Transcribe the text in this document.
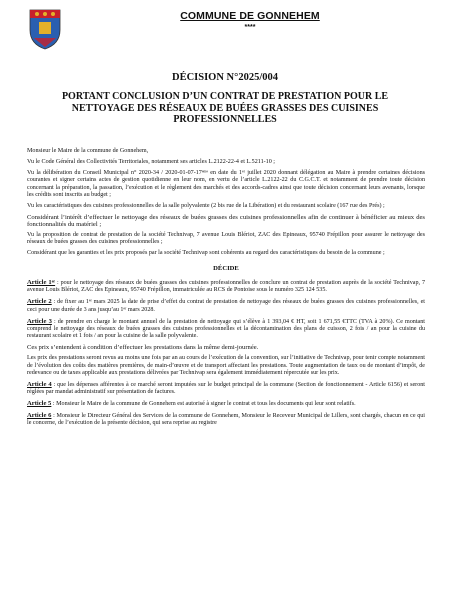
COMMUNE DE GONNEHEM
****
DÉCISION N°2025/004
PORTANT CONCLUSION D’UN CONTRAT DE PRESTATION POUR LE NETTOYAGE DES RÉSEAUX DE BUÉES GRASSES DES CUISINES PROFESSIONNELLES

Monsieur le Maire de la commune de Gonnehem,

Vu le Code Général des Collectivités Territoriales, notamment ses articles L.2122-22-4 et L.5211-10 ;

Vu la délibération du Conseil Municipal n° 2020-34 / 2020-01-07-17ᵉᵐᵉ en date du 1ᵉʳ juillet 2020 donnant délégation au Maire à prendre certaines décisions courantes et signer certains actes de gestion quotidienne en leur nom, en vertu de l’article L.2122-22 du C.G.C.T. et notamment de prendre toute décision concernant la préparation, la passation, l’exécution et le règlement des marchés et des accords-cadres ainsi que toute décision concernant leurs avenants, lorsque les crédits sont inscrits au budget ;

Vu les caractéristiques des cuisines professionnelles de la salle polyvalente (2 bis rue de la Libération) et du restaurant scolaire (167 rue des Prés) ;

Considérant l’intérêt d’effectuer le nettoyage des réseaux de buées grasses des cuisines professionnelles afin de continuer à bénéficier au mieux des fonctionnalités du matériel ;

Vu la proposition de contrat de prestation de la société Technivap, 7 avenue Louis Blériot, ZAC des Epineaux, 95740 Frépillon pour assurer le nettoyage des réseaux de buées grasses des cuisines professionnelles ;

Considérant que les garanties et les prix proposés par la société Technivap sont cohérents au regard des caractéristiques du besoin de la commune ;

DÉCIDE

Article 1ᵉʳ : pour le nettoyage des réseaux de buées grasses des cuisines professionnelles de conclure un contrat de prestation auprès de la société Technivap, 7 avenue Louis Blériot, ZAC des Epineaux, 95740 Frépillon, immatriculée au RCS de Pontoise sous le numéro 325 124 535.

Article 2 : de fixer au 1ᵉʳ mars 2025 la date de prise d’effet du contrat de prestation de nettoyage des réseaux de buées grasses des cuisines professionnelles, et ceci pour une durée de 3 ans jusqu’au 1ᵉʳ mars 2028.

Article 3 : de prendre en charge le montant annuel de la prestation de nettoyage qui s’élève à 1 393,04 € HT, soit 1 671,55 €TTC (TVA à 20%). Ce montant comprend le nettoyage des réseaux de buées grasses des cuisines professionnelles et la décontamination des plans de cuisson, 2 fois / an pour la cuisine du restaurant scolaire et 1 fois / an pour la cuisine de la salle polyvalente.

Ces prix s’entendent à condition d’effectuer les prestations dans la même demi-journée.

Les prix des prestations seront revus au moins une fois par an au cours de l’exécution de la convention, sur l’initiative de Technivap, pour tenir compte notamment de l’évolution des coûts des matières premières, de main-d’œuvre et de transport affectant les prestations. Toute augmentation de taux ou de montant d’impôt, de redevance ou de taxes applicable aux prestations délivrées par Technivap sera également immédiatement répercutée sur les prix.

Article 4 : que les dépenses afférentes à ce marché seront imputées sur le budget principal de la commune (Section de fonctionnement - Article 6156) et seront réglées par mandat administratif sur présentation de factures.

Article 5 : Monsieur le Maire de la commune de Gonnehem est autorisé à signer le contrat et tous les documents qui leur sont relatifs.

Article 6 : Monsieur le Directeur Général des Services de la commune de Gonnehem, Monsieur le Receveur Municipal de Lillers, sont chargés, chacun en ce qui le concerne, de l’exécution de la présente décision, qui sera reprise au registre
